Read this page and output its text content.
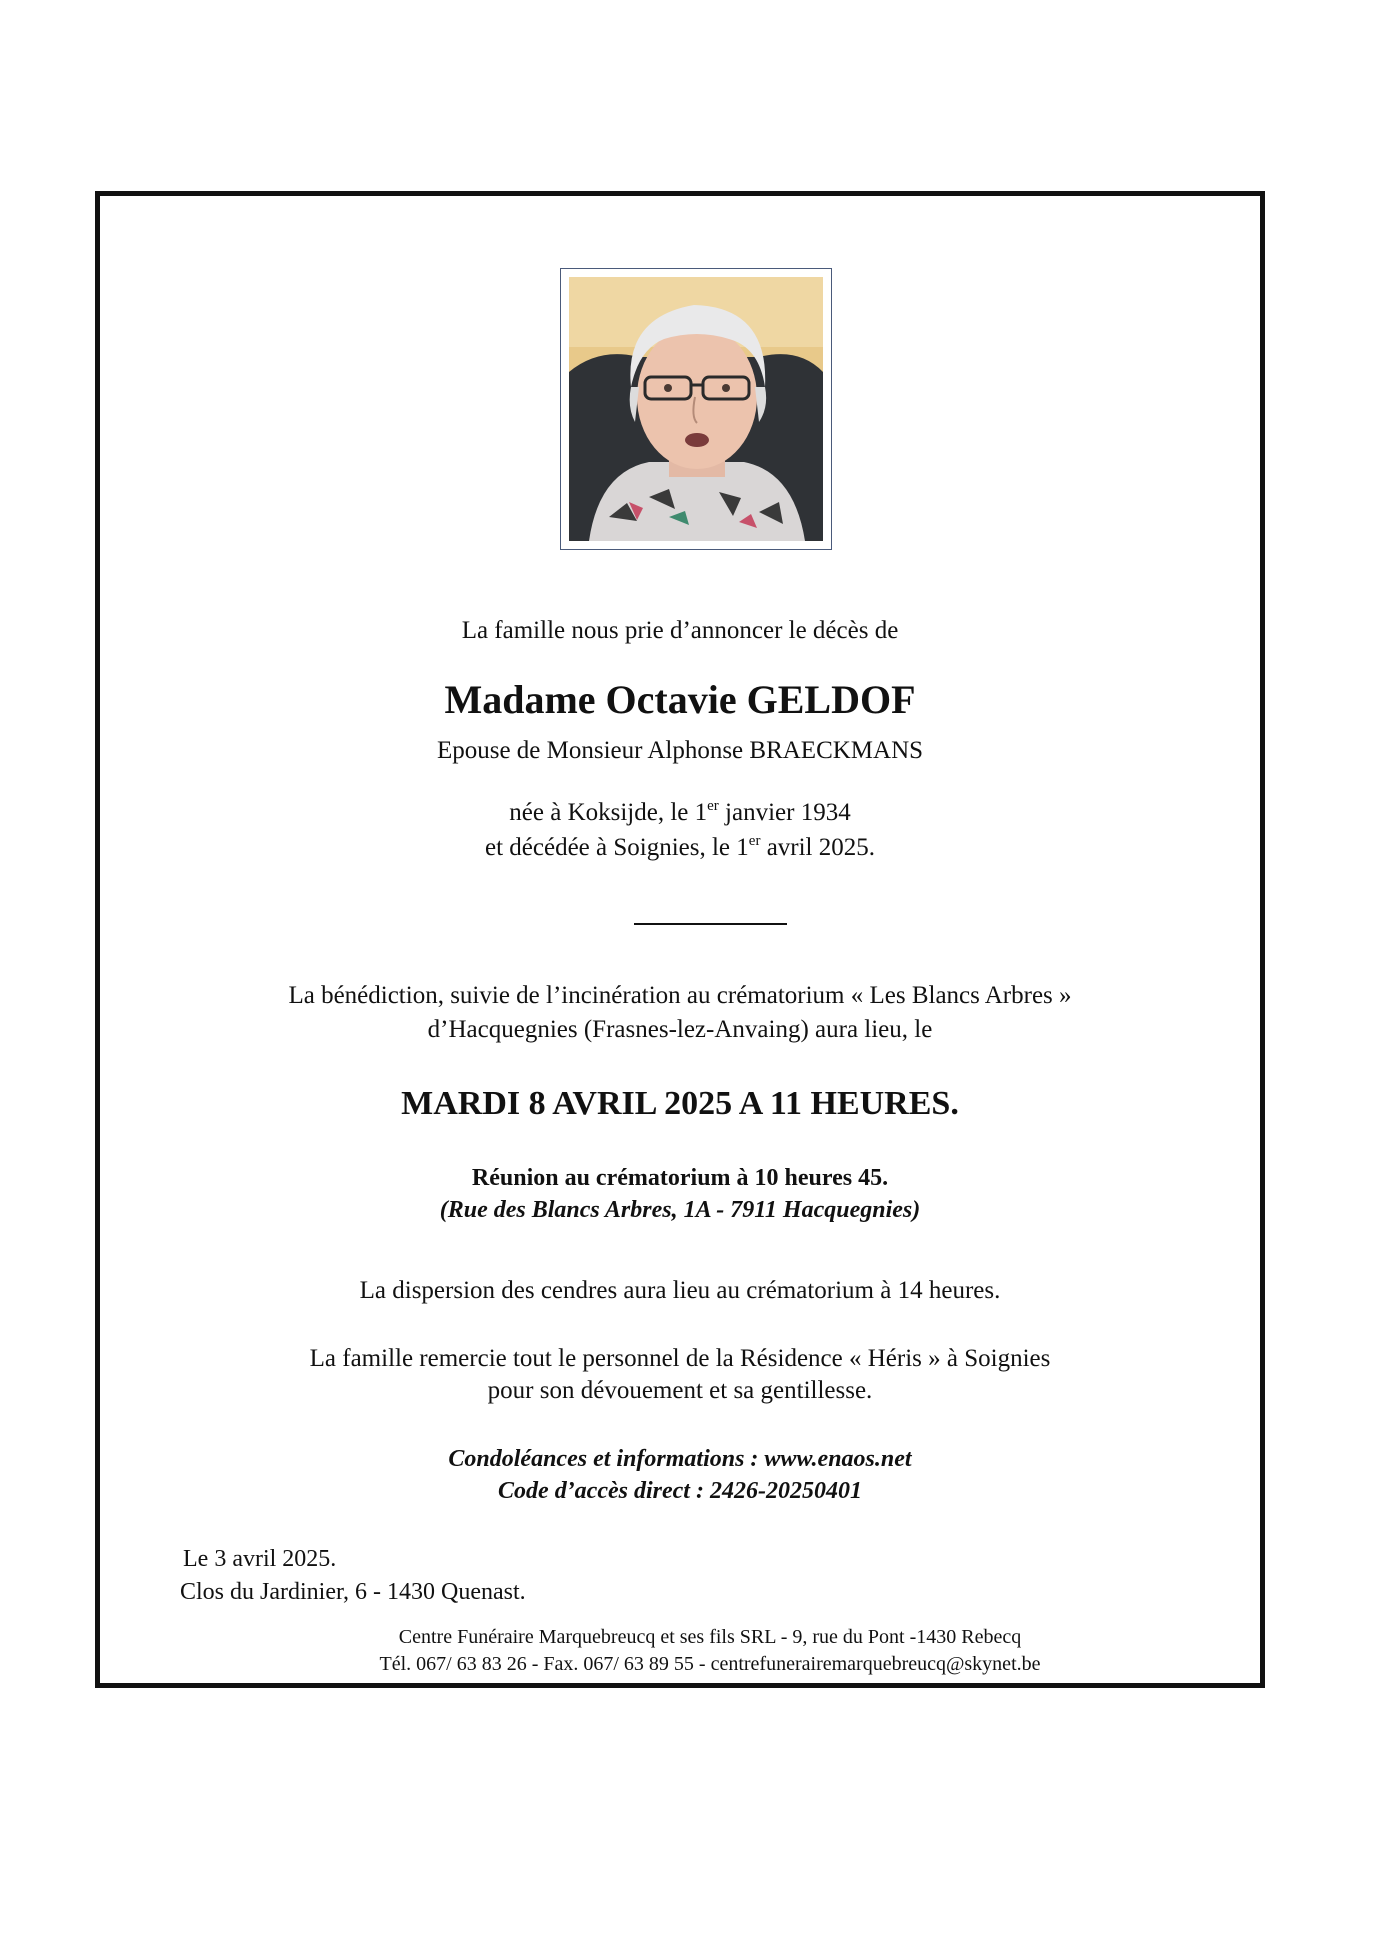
La famille nous prie d’annoncer le décès de
Madame Octavie GELDOF
Epouse de Monsieur Alphonse BRAECKMANS
née à Koksijde, le 1er janvier 1934
et décédée à Soignies, le 1er avril 2025.
La bénédiction, suivie de l’incinération au crématorium « Les Blancs Arbres »
d’Hacquegnies (Frasnes-lez-Anvaing) aura lieu, le
MARDI 8 AVRIL 2025 A 11 HEURES.
Réunion au crématorium à 10 heures 45.
(Rue des Blancs Arbres, 1A - 7911 Hacquegnies)
La dispersion des cendres aura lieu au crématorium à 14 heures.
La famille remercie tout le personnel de la Résidence « Héris » à Soignies
pour son dévouement et sa gentillesse.
Condoléances et informations : www.enaos.net
Code d’accès direct : 2426-20250401
Le 3 avril 2025.
Clos du Jardinier, 6 - 1430 Quenast.
Centre Funéraire Marquebreucq et ses fils SRL - 9, rue du Pont -1430 Rebecq
Tél. 067/ 63 83 26 - Fax. 067/ 63 89 55 - centrefunerairemarquebreucq@skynet.be
